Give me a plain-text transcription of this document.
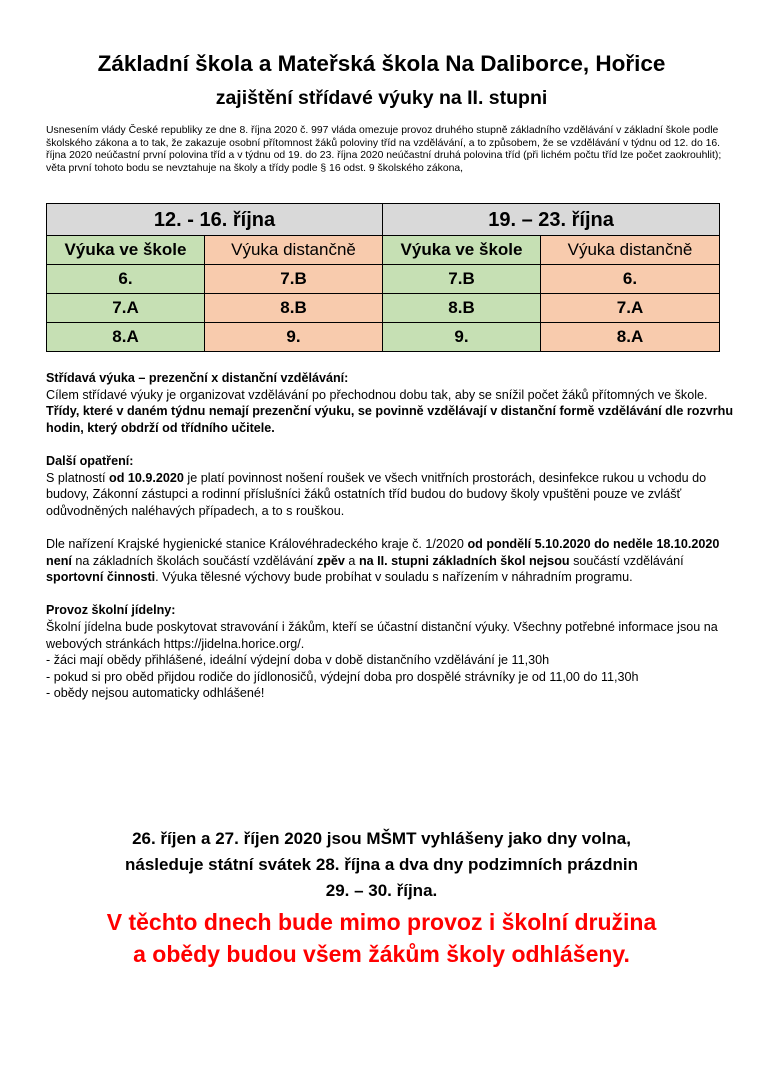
Základní škola a Mateřská škola Na Daliborce, Hořice
zajištění střídavé výuky na II. stupni
Usnesením vlády České republiky ze dne 8. října 2020 č. 997 vláda omezuje provoz druhého stupně základního vzdělávání v základní škole podle školského zákona a to tak, že zakazuje osobní přítomnost žáků poloviny tříd na vzdělávání, a to způsobem, že se vzdělávání v týdnu od 12. do 16. října 2020 neúčastní první polovina tříd a v týdnu od 19. do 23. října 2020 neúčastní druhá polovina tříd (při lichém počtu tříd lze počet zaokrouhlit); věta první tohoto bodu se nevztahuje na školy a třídy podle § 16 odst. 9 školského zákona,
12. - 16. října		19. – 23. října	
Výuka ve škole	Výuka distančně	Výuka ve škole	Výuka distančně
6.	7.B	7.B	6.
7.A	8.B	8.B	7.A
8.A	9.	9.	8.A

Střídavá výuka – prezenční x distanční vzdělávání:

Cílem střídavé výuky je organizovat vzdělávání po přechodnou dobu tak, aby se snížil počet žáků přítomných ve škole.

Třídy, které v daném týdnu nemají prezenční výuku, se povinně vzdělávají v distanční formě vzdělávání dle rozvrhu hodin, který obdrží od třídního učitele.

Další opatření:

S platností od 10.9.2020 je platí povinnost nošení roušek ve všech vnitřních prostorách, desinfekce rukou u vchodu do budovy, Zákonní zástupci a rodinní příslušníci žáků ostatních tříd budou do budovy školy vpuštěni pouze ve zvlášť odůvodněných naléhavých případech, a to s rouškou.

Dle nařízení Krajské hygienické stanice Královéhradeckého kraje č. 1/2020 od pondělí 5.10.2020 do neděle 18.10.2020 není na základních školách součástí vzdělávání zpěv a na II. stupni základních škol nejsou součástí vzdělávání sportovní činnosti. Výuka tělesné výchovy bude probíhat v souladu s nařízením v náhradním programu.

Provoz školní jídelny:

Školní jídelna bude poskytovat stravování i žákům, kteří se účastní distanční výuky. Všechny potřebné informace jsou na webových stránkách https://jidelna.horice.org/.

- žáci mají obědy přihlášené, ideální výdejní doba v době distančního vzdělávání je 11,30h

- pokud si pro oběd přijdou rodiče do jídlonosičů, výdejní doba pro dospělé strávníky je od 11,00 do 11,30h

- obědy nejsou automaticky odhlášené!

26. říjen a 27. říjen 2020 jsou MŠMT vyhlášeny jako dny volna,
následuje státní svátek 28. října a dva dny podzimních prázdnin
29. – 30. října.
V těchto dnech bude mimo provoz i školní družina
a obědy budou všem žákům školy odhlášeny.
